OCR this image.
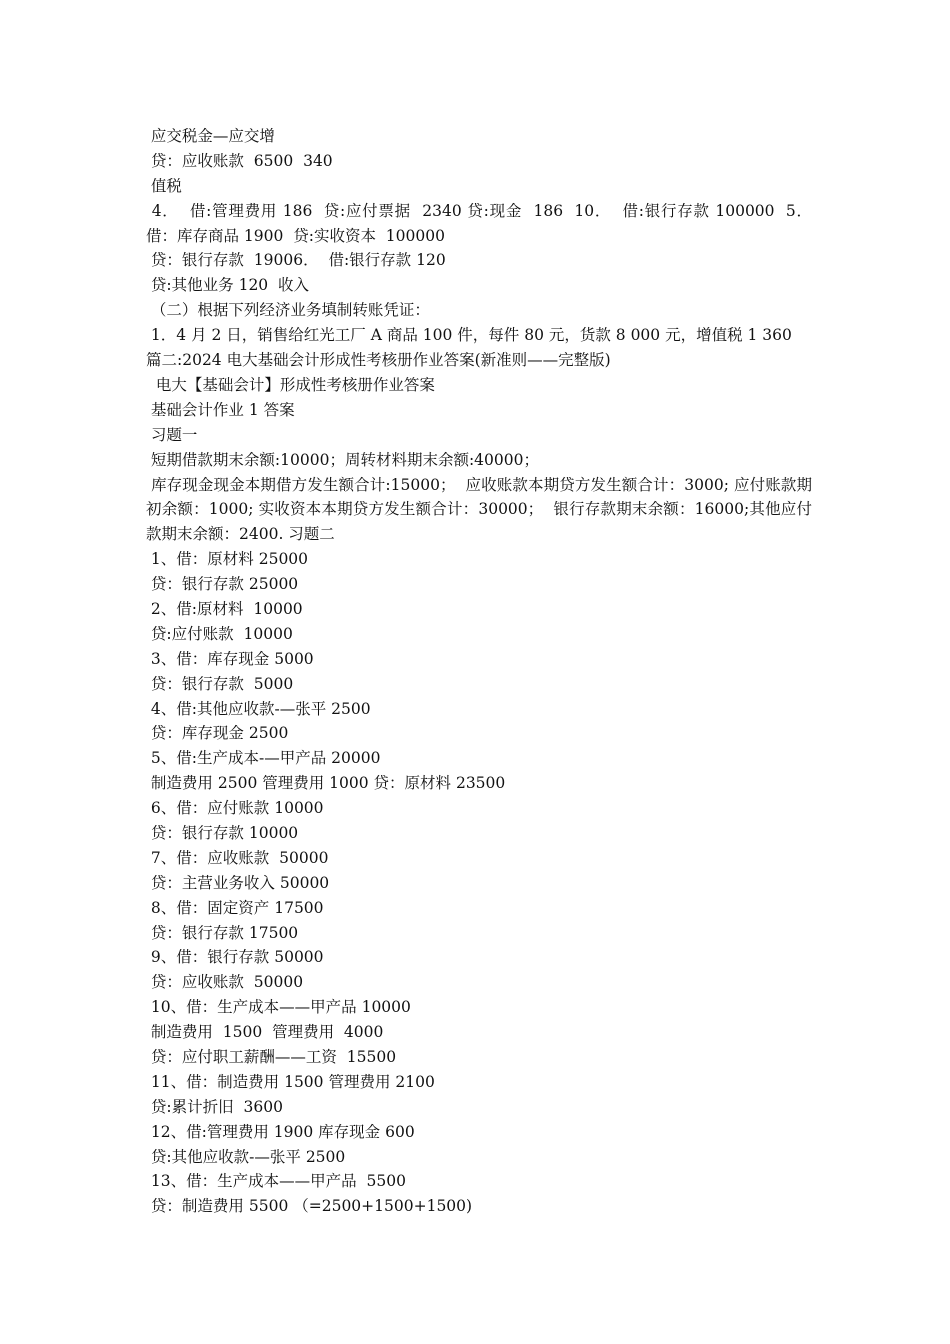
应交税金—应交增

贷：应收账款  6500  340

值税

4．  借:管理费用 186  贷:应付票据  2340 贷:现金  186  10．  借:银行存款 100000  5．  借：库存商品 1900  贷:实收资本  100000

贷：银行存款  19006．  借:银行存款 120

贷:其他业务 120  收入

（二）根据下列经济业务填制转账凭证：

1．4 月 2 日，销售给红光工厂 A 商品 100 件，每件 80 元，货款 8 000 元，增值税 1 360

篇二:2024 电大基础会计形成性考核册作业答案(新准则——完整版)

电大【基础会计】形成性考核册作业答案

基础会计作业 1 答案

习题一

短期借款期末余额:10000；周转材料期末余额:40000；

库存现金现金本期借方发生额合计:15000；  应收账款本期贷方发生额合计：3000; 应付账款期初余额：1000; 实收资本本期贷方发生额合计：30000；  银行存款期末余额：16000;其他应付款期末余额：2400. 习题二

1、借：原材料 25000

贷：银行存款 25000

2、借:原材料  10000

贷:应付账款  10000

3、借：库存现金 5000

贷：银行存款  5000

4、借:其他应收款-—张平 2500

贷：库存现金 2500

5、借:生产成本-—甲产品 20000

制造费用 2500 管理费用 1000 贷：原材料 23500

6、借：应付账款 10000

贷：银行存款 10000

7、借：应收账款  50000

贷：主营业务收入 50000

8、借：固定资产 17500

贷：银行存款 17500

9、借：银行存款 50000

贷：应收账款  50000

10、借：生产成本——甲产品 10000

制造费用  1500  管理费用  4000

贷：应付职工薪酬——工资  15500

11、借：制造费用 1500 管理费用 2100

贷:累计折旧  3600

12、借:管理费用 1900 库存现金 600

贷:其他应收款-—张平 2500

13、借：生产成本——甲产品  5500

贷：制造费用 5500 （=2500+1500+1500)
